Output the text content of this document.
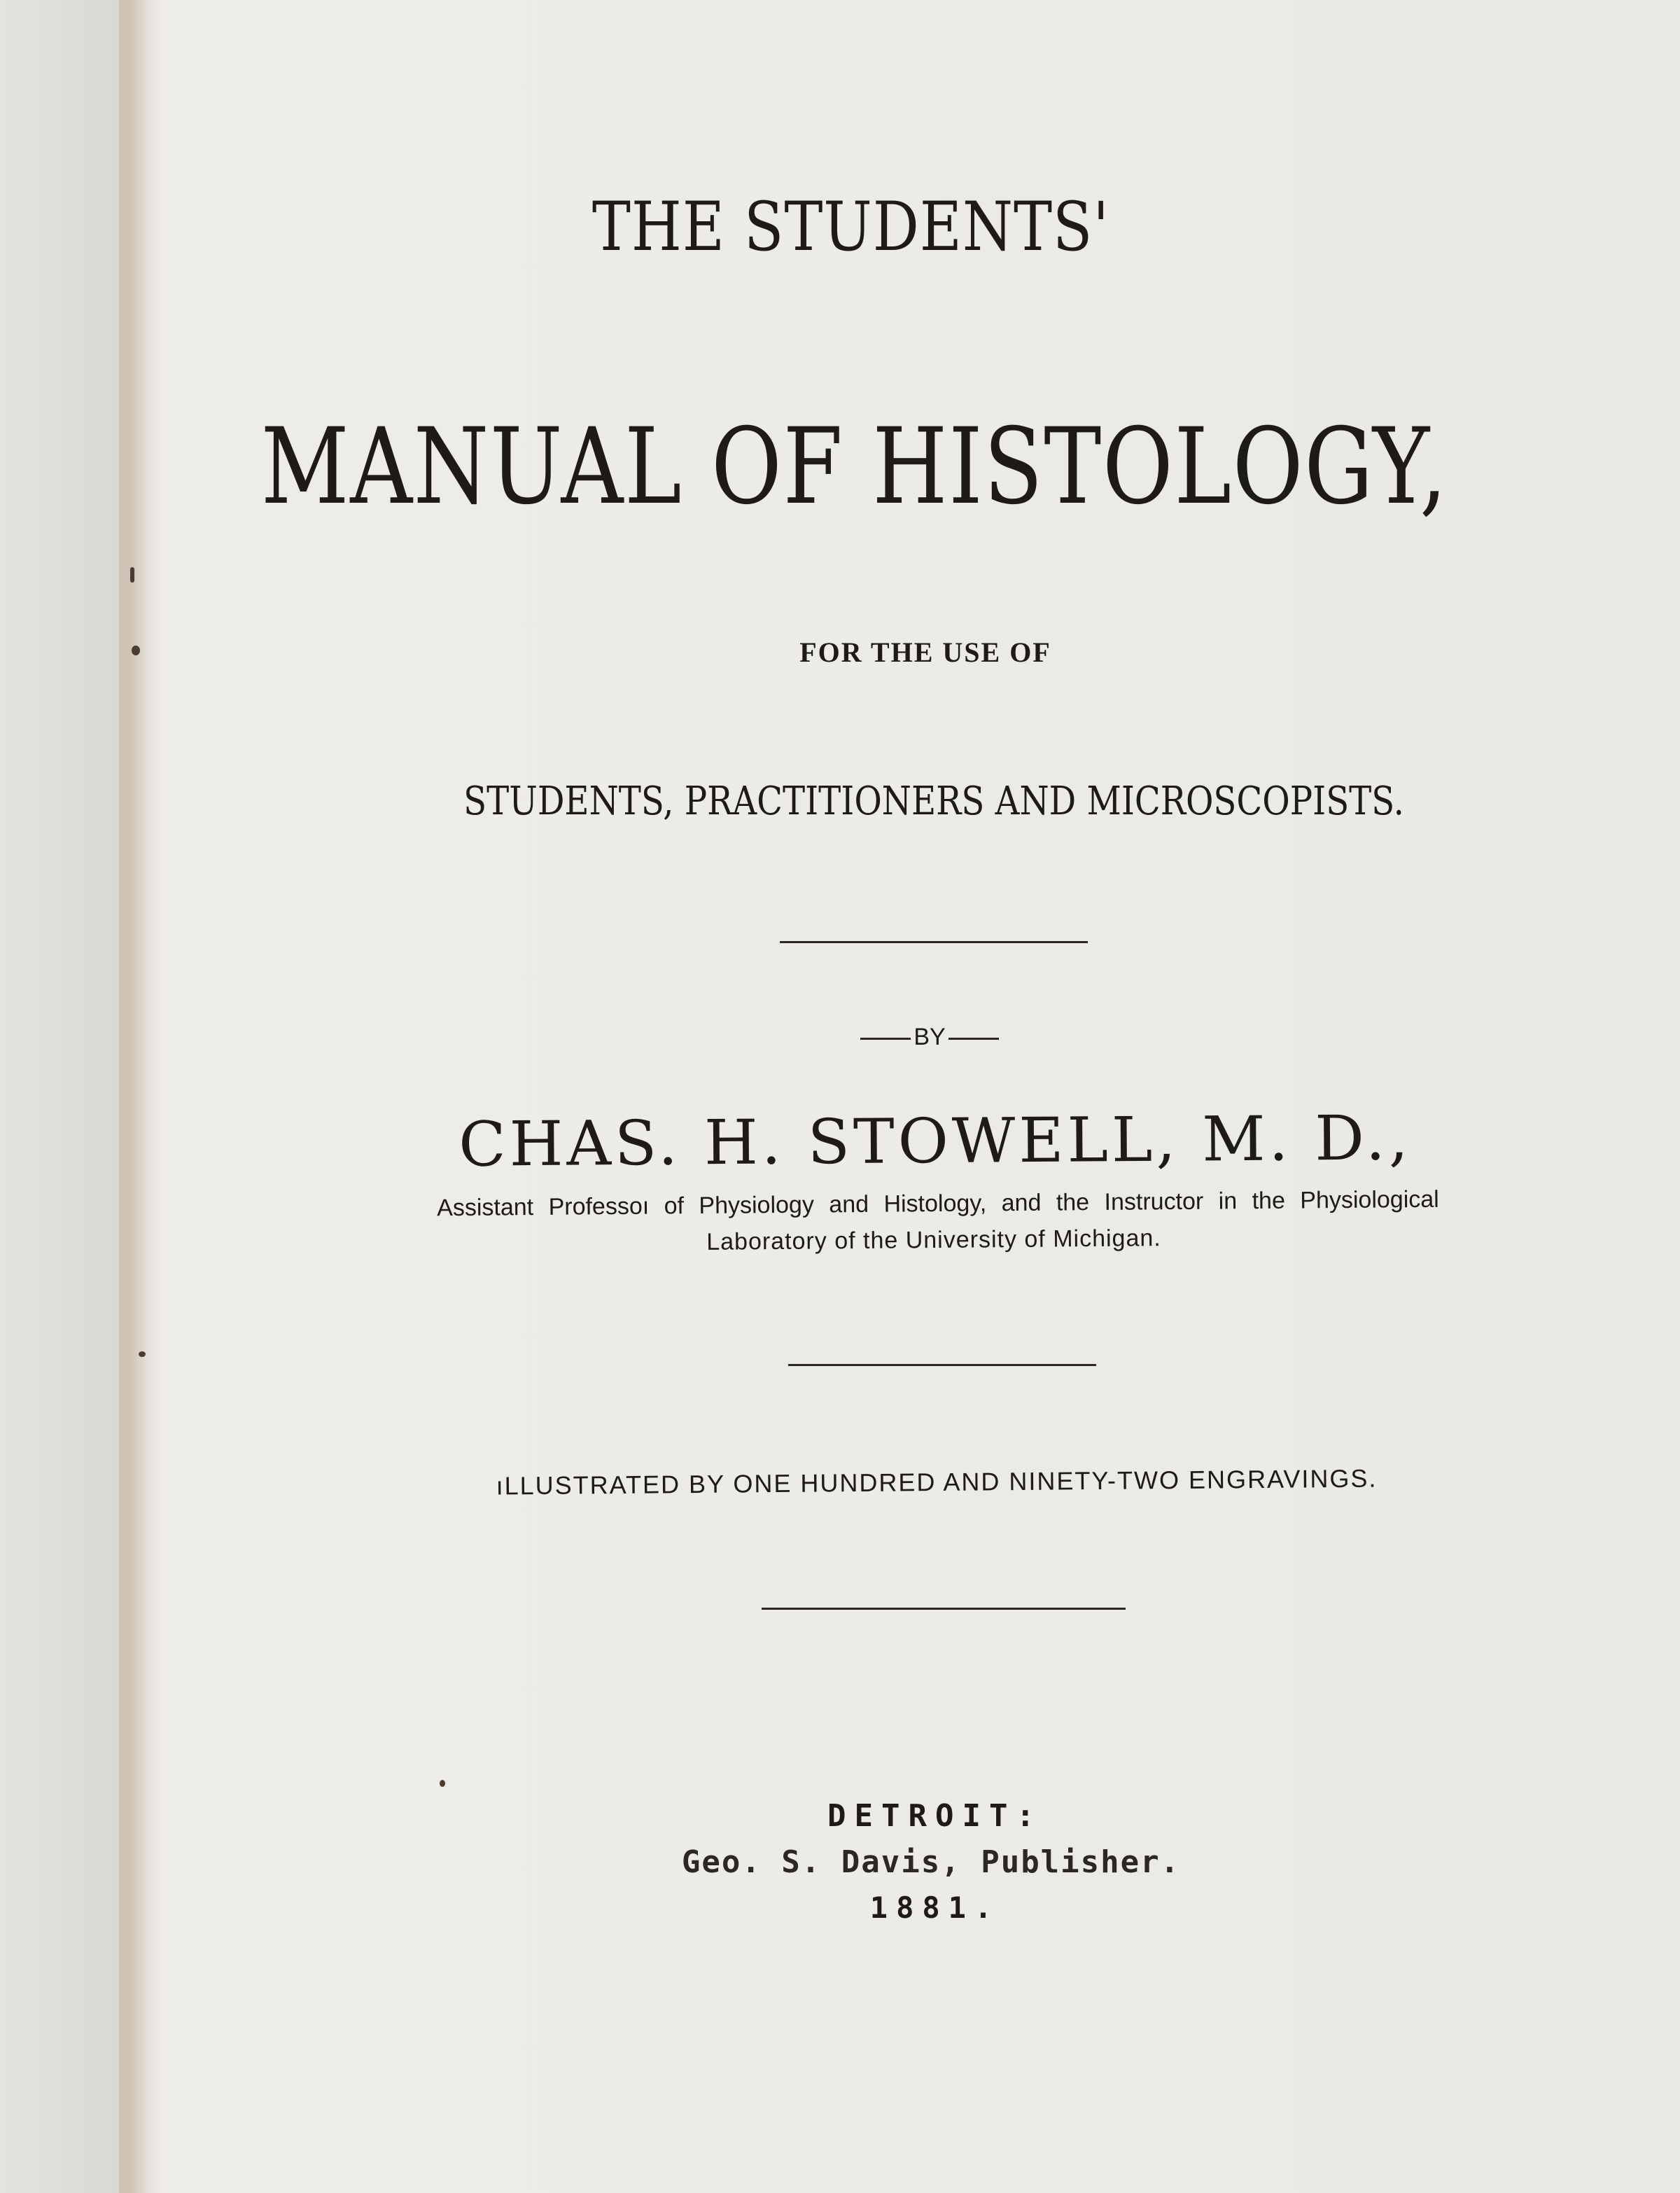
THE STUDENTS'
MANUAL OF HISTOLOGY,
FOR THE USE OF
STUDENTS, PRACTITIONERS AND MICROSCOPISTS.
BY
CHAS. H. STOWELL, M. D.,
Assistant Professoı of Physiology and Histology, and the Instructor in the Physiological
Laboratory of the University of Michigan.
ıLLUSTRATED BY ONE HUNDRED AND NINETY-TWO ENGRAVINGS.
DETROIT:
Geo. S. Davis, Publisher.
1881.
